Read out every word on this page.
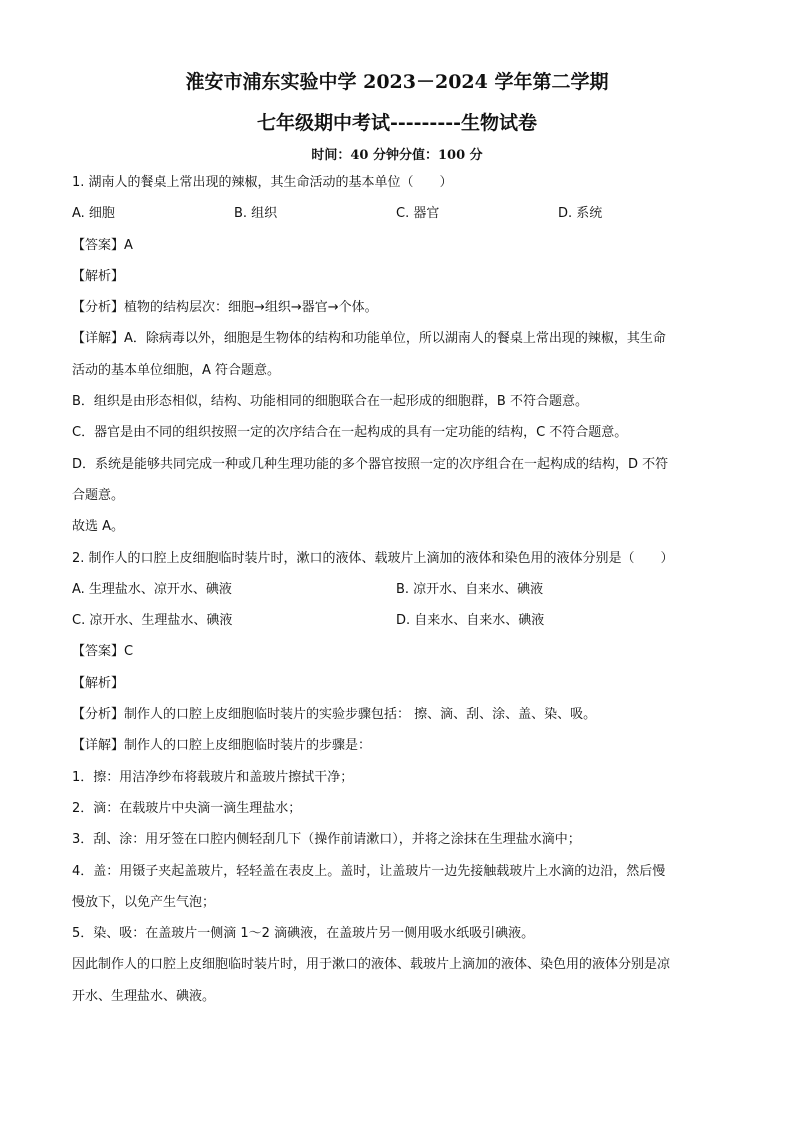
淮安市浦东实验中学 2023－2024 学年第二学期
七年级期中考试---------生物试卷
时间：40 分钟分值：100 分
1. 湖南人的餐桌上常出现的辣椒，其生命活动的基本单位（　　）
A. 细胞	B. 组织	C. 器官	D. 系统
【答案】A
【解析】
【分析】植物的结构层次：细胞→组织→器官→个体。
【详解】A．除病毒以外，细胞是生物体的结构和功能单位，所以湖南人的餐桌上常出现的辣椒，其生命
活动的基本单位细胞，A 符合题意。
B．组织是由形态相似，结构、功能相同的细胞联合在一起形成的细胞群，B 不符合题意。
C．器官是由不同的组织按照一定的次序结合在一起构成的具有一定功能的结构，C 不符合题意。
D．系统是能够共同完成一种或几种生理功能的多个器官按照一定的次序组合在一起构成的结构，D 不符
合题意。
故选 A。
2. 制作人的口腔上皮细胞临时装片时，漱口的液体、载玻片上滴加的液体和染色用的液体分别是（　　）
A. 生理盐水、凉开水、碘液	B. 凉开水、自来水、碘液
C. 凉开水、生理盐水、碘液	D. 自来水、自来水、碘液
【答案】C
【解析】
【分析】制作人的口腔上皮细胞临时装片的实验步骤包括： 擦、滴、刮、涂、盖、染、吸。
【详解】制作人的口腔上皮细胞临时装片的步骤是：
1．擦：用洁净纱布将载玻片和盖玻片擦拭干净；
2．滴：在载玻片中央滴一滴生理盐水；
3．刮、涂：用牙签在口腔内侧轻刮几下（操作前请漱口），并将之涂抹在生理盐水滴中；
4．盖：用镊子夹起盖玻片，轻轻盖在表皮上。盖时，让盖玻片一边先接触载玻片上水滴的边沿，然后慢
慢放下，以免产生气泡；
5．染、吸：在盖玻片一侧滴 1～2 滴碘液，在盖玻片另一侧用吸水纸吸引碘液。
因此制作人的口腔上皮细胞临时装片时，用于漱口的液体、载玻片上滴加的液体、染色用的液体分别是凉
开水、生理盐水、碘液。
